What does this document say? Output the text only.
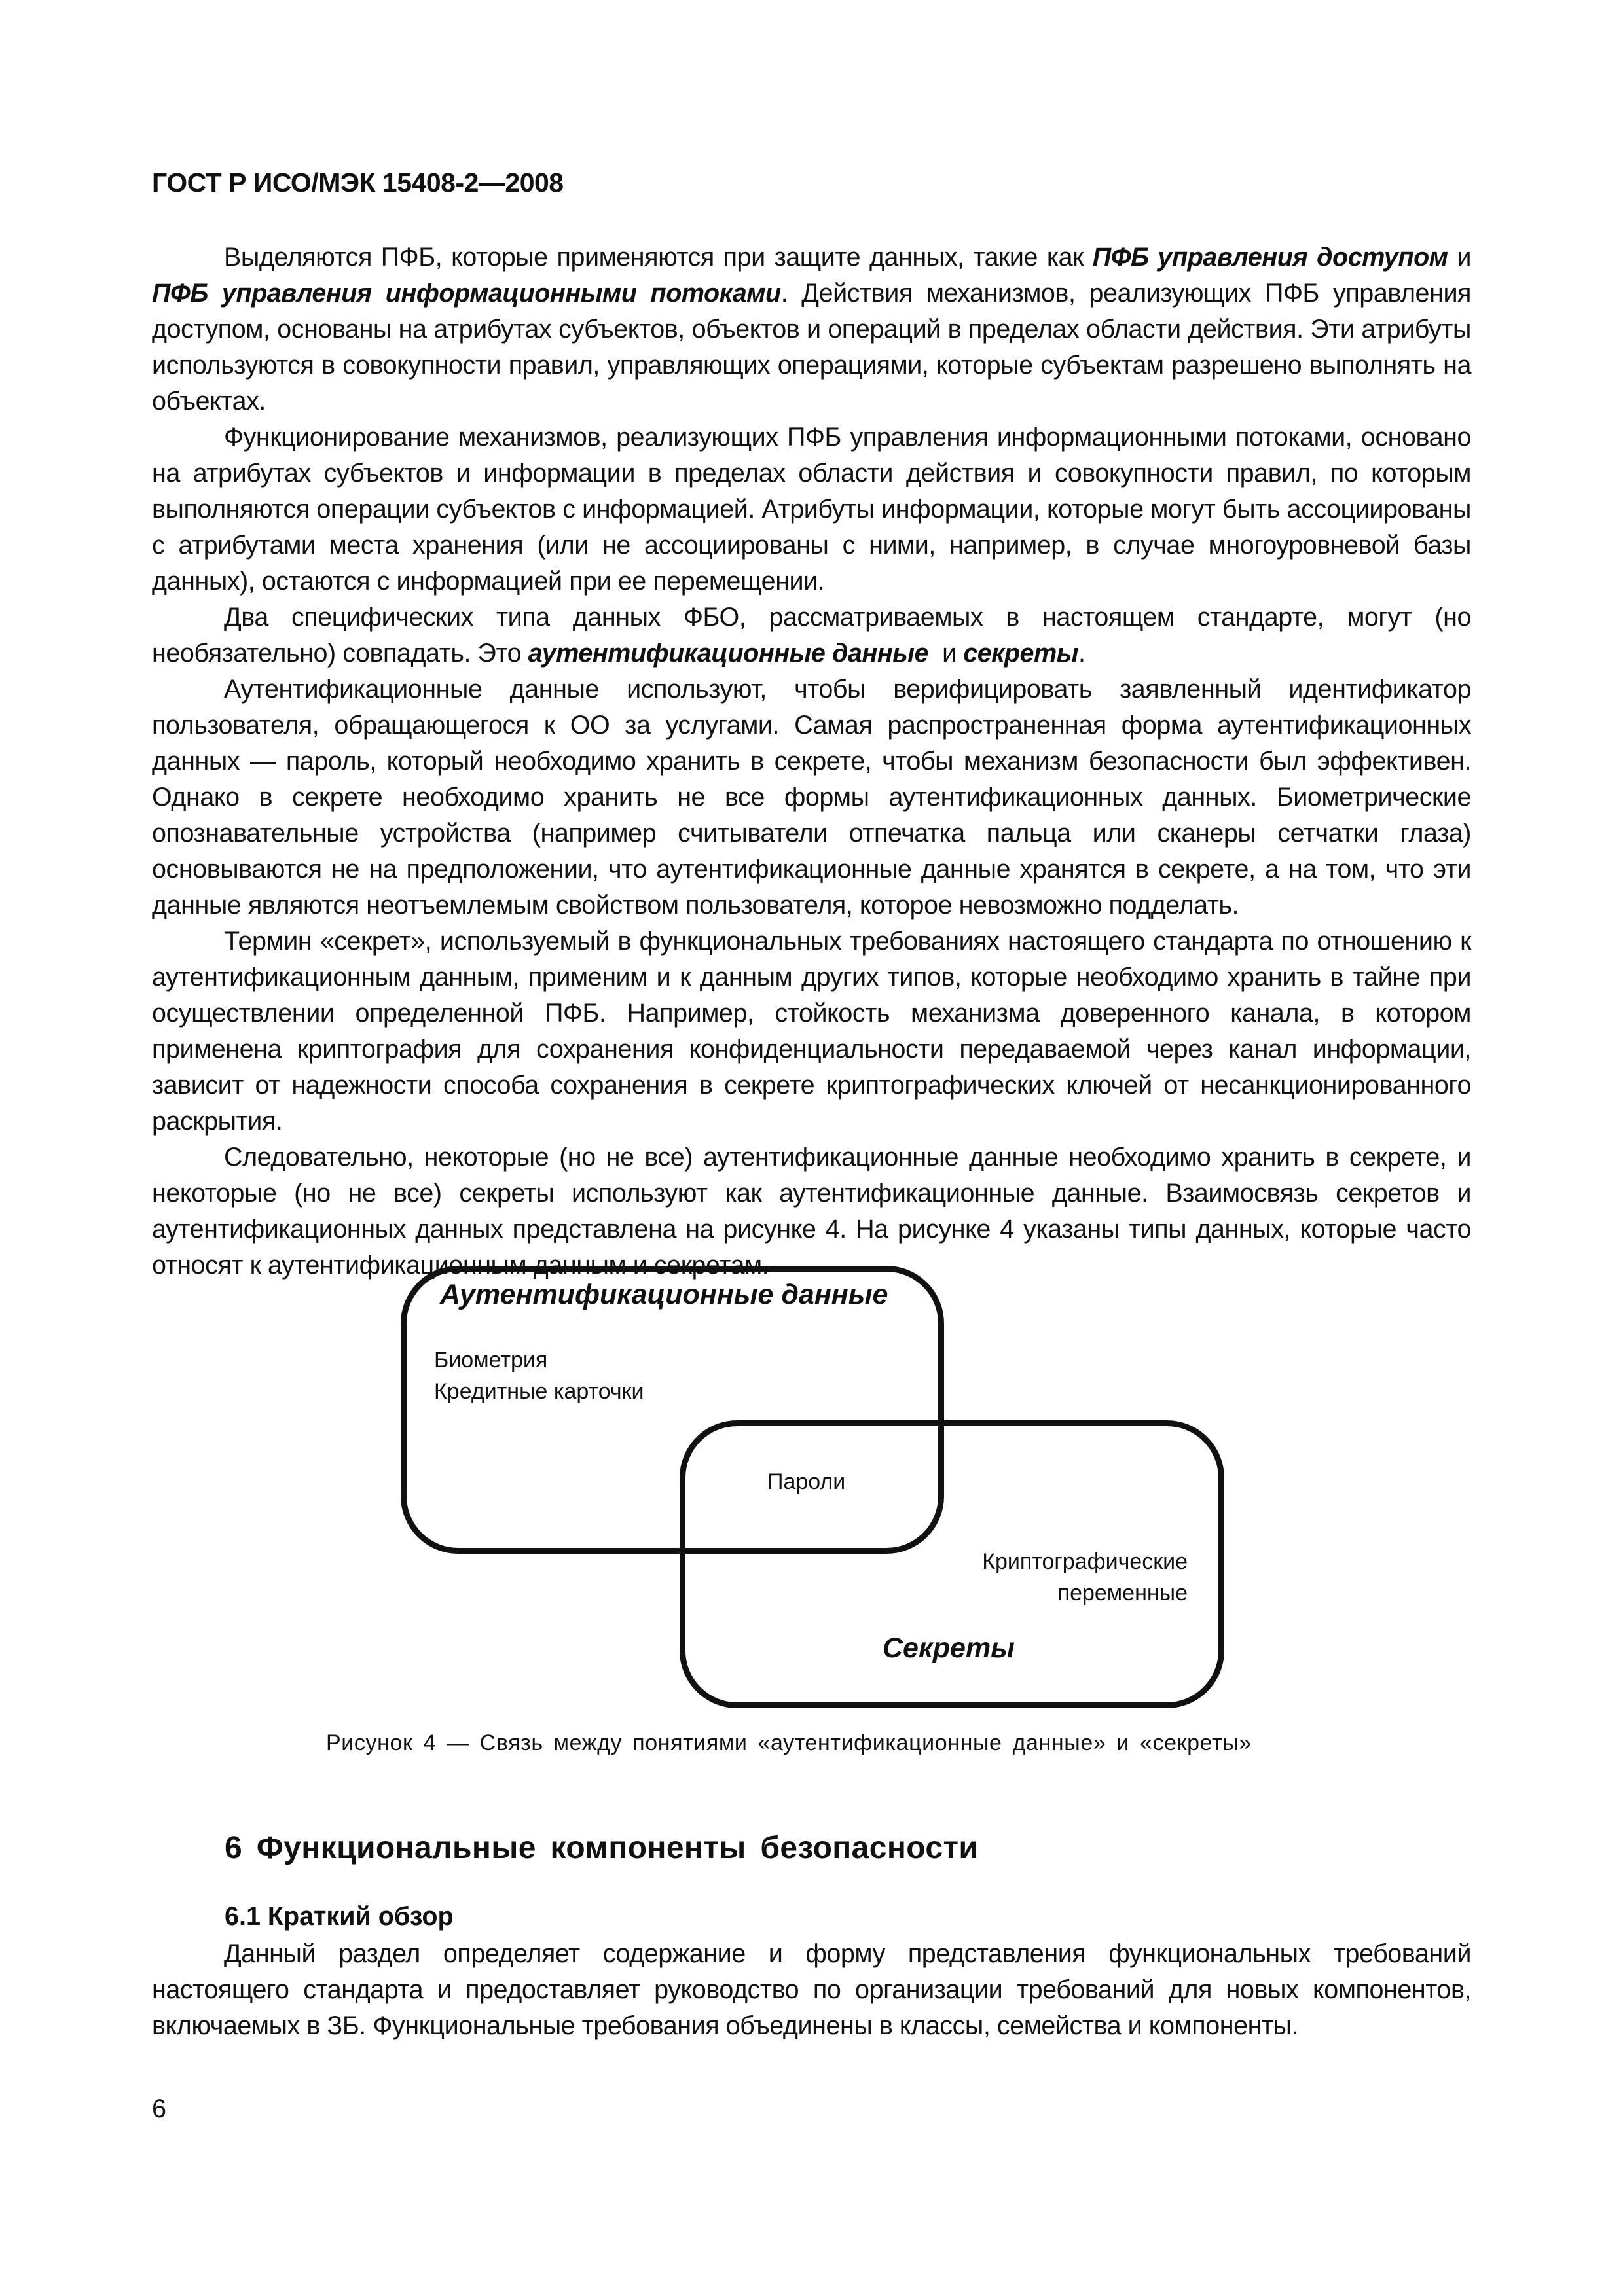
ГОСТ Р ИСО/МЭК 15408-2—2008

Выделяются ПФБ, которые применяются при защите данных, такие как ПФБ управления доступом и ПФБ управления информационными потоками. Действия механизмов, реализующих ПФБ управления доступом, основаны на атрибутах субъектов, объектов и операций в пределах области действия. Эти атрибуты используются в совокупности правил, управляющих операциями, которые субъектам разрешено выполнять на объектах.

Функционирование механизмов, реализующих ПФБ управления информационными потоками, основано на атрибутах субъектов и информации в пределах области действия и совокупности правил, по которым выполняются операции субъектов с информацией. Атрибуты информации, которые могут быть ассоциированы с атрибутами места хранения (или не ассоциированы с ними, например, в случае многоуровневой базы данных), остаются с информацией при ее перемещении.

Два специфических типа данных ФБО, рассматриваемых в настоящем стандарте, могут (но необязательно) совпадать. Это аутентификационные данные  и секреты.

Аутентификационные данные используют, чтобы верифицировать заявленный идентификатор пользователя, обращающегося к ОО за услугами. Самая распространенная форма аутентификационных данных — пароль, который необходимо хранить в секрете, чтобы механизм безопасности был эффективен. Однако в секрете необходимо хранить не все формы аутентификационных данных. Биометрические опознавательные устройства (например считыватели отпечатка пальца или сканеры сетчатки глаза) основываются не на предположении, что аутентификационные данные хранятся в секрете, а на том, что эти данные являются неотъемлемым свойством пользователя, которое невозможно подделать.

Термин «секрет», используемый в функциональных требованиях настоящего стандарта по отношению к аутентификационным данным, применим и к данным других типов, которые необходимо хранить в тайне при осуществлении определенной ПФБ. Например, стойкость механизма доверенного канала, в котором применена криптография для сохранения конфиденциальности передаваемой через канал информации, зависит от надежности способа сохранения в секрете криптографических ключей от несанкционированного раскрытия.

Следовательно, некоторые (но не все) аутентификационные данные необходимо хранить в секрете, и некоторые (но не все) секреты используют как аутентификационные данные. Взаимосвязь секретов и аутентификационных данных представлена на рисунке 4. На рисунке 4 указаны типы данных, которые часто относят к аутентификационным данным и секретам.

Аутентификационные данные
Биометрия
Кредитные карточки
Пароли
Криптографические
переменные
Секреты
Рисунок 4 — Связь между понятиями «аутентификационные данные» и «секреты»
6 Функциональные компоненты безопасности
6.1 Краткий обзор

Данный раздел определяет содержание и форму представления функциональных требований настоящего стандарта и предоставляет руководство по организации требований для новых компонентов, включаемых в ЗБ. Функциональные требования объединены в классы, семейства и компоненты.

6
